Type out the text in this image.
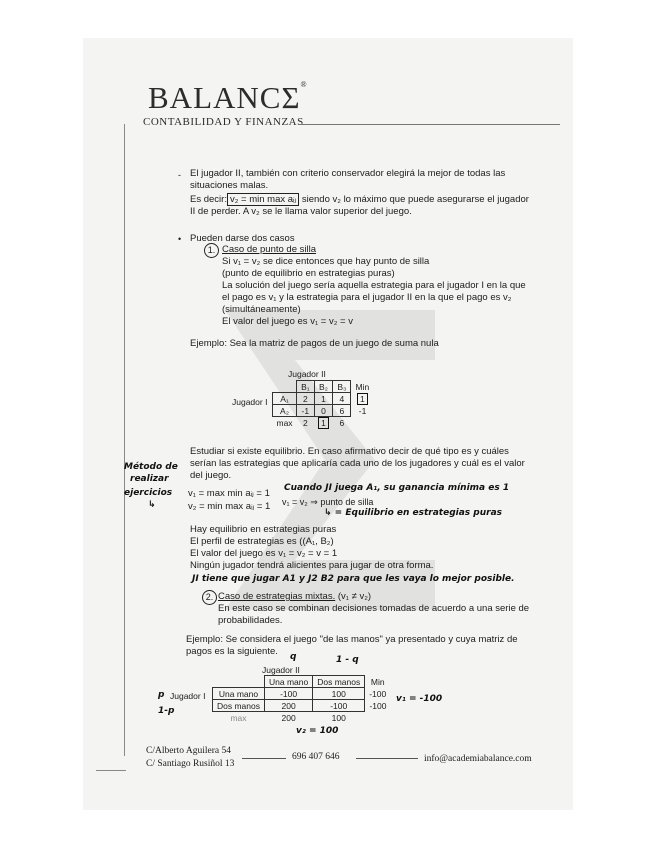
BALANCΣ®
CONTABILIDAD Y FINANZAS
- El jugador II, también con criterio conservador elegirá la mejor de todas las
situaciones malas.
Es decir: v₂ = min max aᵢⱼ siendo v₂ lo máximo que puede asegurarse el jugador
II de perder. A v₂ se le llama valor superior del juego.
• Pueden darse dos casos
1. Caso de punto de silla
Si v₁ = v₂ se dice entonces que hay punto de silla
(punto de equilibrio en estrategias puras)
La solución del juego sería aquella estrategia para el jugador I en la que
el pago es v₁ y la estrategia para el jugador II en la que el pago es v₂
(simultáneamente)
El valor del juego es v₁ = v₂ = v
Ejemplo: Sea la matriz de pagos de un juego de suma nula
Jugador II
Jugador I
	B₁	B₂	B₃	Min
A₁	2	1	4	1
A₂	-1	0	6	-1
max	2	1	6	
Estudiar si existe equilibrio. En caso afirmativo decir de qué tipo es y cuáles
serían las estrategias que aplicaría cada uno de los jugadores y cuál es el valor
del juego.
Método de
realizar
ejercicios
↳
v₁ = max min aᵢⱼ = 1
v₂ = min max aᵢⱼ = 1 v₁ = v₂ ⇒ punto de silla
Cuando JI juega A₁, su ganancia mínima es 1
↳ = Equilibrio en estrategias puras
Hay equilibrio en estrategias puras
El perfil de estrategias es ((A₁, B₂)
El valor del juego es v₁ = v₂ = v = 1
Ningún jugador tendrá alicientes para jugar de otra forma.
JI tiene que jugar A1 y J2 B2 para que les vaya lo mejor posible.
2. Caso de estrategias mixtas. (v₁ ≠ v₂)
En este caso se combinan decisiones tomadas de acuerdo a una serie de
probabilidades.
Ejemplo: Se considera el juego "de las manos" ya presentado y cuya matriz de
pagos es la siguiente. q	1 - q
Jugador II
p
1-p
Jugador I
	Una mano	Dos manos	Min
Una mano	-100	100	-100
Dos manos	200	-100	-100
max	200	100	
v₁ = -100
v₂ = 100
C/Alberto Aguilera 54
C/ Santiago Rusiñol 13
696 407 646	info@academiabalance.com
